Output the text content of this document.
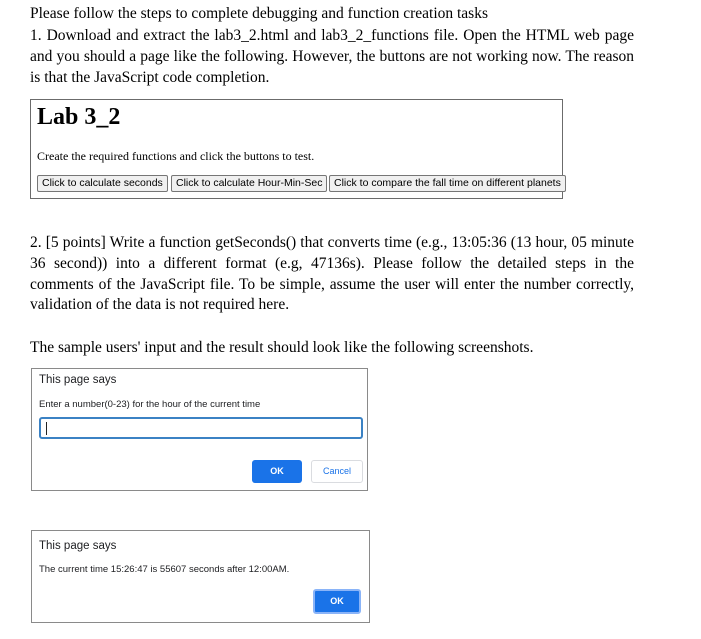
Please follow the steps to complete debugging and function creation tasks

1. Download and extract the lab3_2.html and lab3_2_functions file. Open the HTML web page and you should a page like the following. However, the buttons are not working now. The reason is that the JavaScript code completion.

Lab 3_2
Create the required functions and click the buttons to test.
Click to calculate seconds	Click to calculate Hour-Min-Sec	Click to compare the fall time on different planets

2. [5 points] Write a function getSeconds() that converts time (e.g., 13:05:36 (13 hour, 05 minute 36 second)) into a different format (e.g, 47136s). Please follow the detailed steps in the comments of the JavaScript file. To be simple, assume the user will enter the number correctly, validation of the data is not required here.

The sample users' input and the result should look like the following screenshots.

This page says
Enter a number(0-23) for the hour of the current time
OK	Cancel
This page says
The current time 15:26:47 is 55607 seconds after 12:00AM.
OK
